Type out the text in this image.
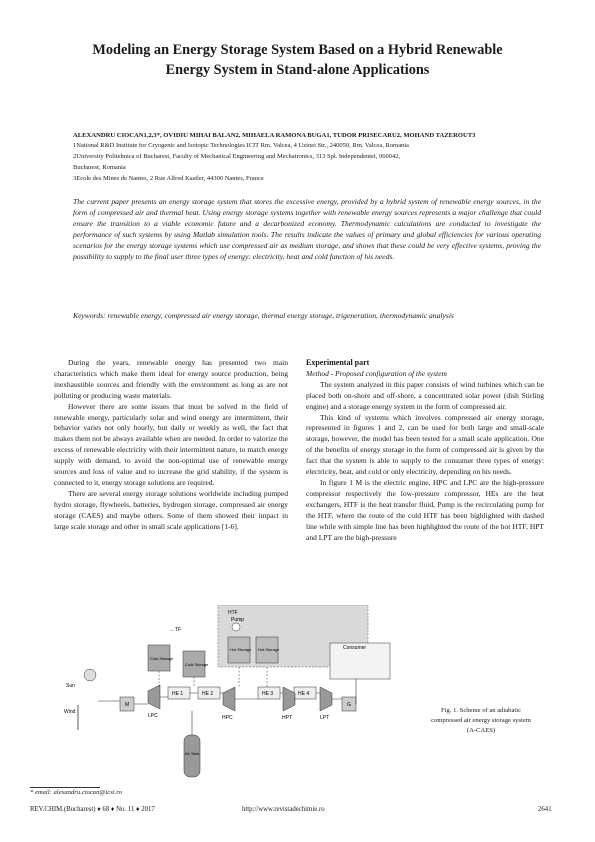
Modeling an Energy Storage System Based on a Hybrid Renewable
Energy System in Stand-alone Applications
ALEXANDRU CIOCAN1,2,3*, OVIDIU MIHAI BALAN2, MIHAELA RAMONA BUGA1, TUDOR PRISECARU2, MOHAND TAZEROUT3
1National R&D Institute for Cryogenic and Isotopic Technologies ICIT Rm. Valcea, 4 Uzinei Str., 240050, Rm. Valcea, Romania
2University Politehnica of Bucharest, Faculty of Mechanical Engineering and Mechatronics, 313 Spl. Independentei, 060042,
Bucharest, Romania
3Ecole des Mines de Nantes, 2 Rue Alfred Kastler, 44300 Nantes, France
The current paper presents an energy storage system that stores the excessive energy, provided by a hybrid system of renewable energy sources, in the form of compressed air and thermal heat. Using energy storage systems together with renewable energy sources represents a major challenge that could ensure the transition to a viable economic future and a decarbonized economy. Thermodynamic calculations are conducted to investigate the performance of such systems by using Matlab simulation tools. The results indicate the values of primary and global efficiencies for various operating scenarios for the energy storage systems which use compressed air as medium storage, and shows that these could be very effective systems, proving the possibility to supply to the final user three types of energy: electricity, heat and cold function of his needs.
Keywords: renewable energy, compressed air energy storage, thermal energy storage, trigeneration, thermodynamic analysis

During the years, renewable energy has presented two main characteristics which make them ideal for energy source production, being inexhaustible sources and friendly with the environment as long as are not polluting or producing waste materials.

However there are some issues that must be solved in the field of renewable energy, particularly solar and wind energy are intermittent, their behavior varies not only hourly, but daily or weekly as well, the fact that makes them not be always available when are needed. In order to valorize the excess of renewable electricity with their intermittent nature, to match energy supply with demand, to avoid the non-optimal use of renewable energy sources and loss of value and to increase the grid stability, if the system is connected to it, energy storage solutions are required.

There are several energy storage solutions worldwide including pumped hydro storage, flywheels, batteries, hydrogen storage, compressed air energy storage (CAES) and maybe others. Some of them showed their impact in large scale storage and other in small scale applications [1-6].

Experimental part

Method - Proposed configuration of the system

The system analyzed in this paper consists of wind turbines which can be placed both on-shore and off-shore, a concentrated solar power (dish Stirling engine) and a storage energy system in the form of compressed air.

This kind of systems which involves compressed air energy storage, represented in figures 1 and 2, can be used for both large and small-scale storage, however, the model has been tested for a small scale application. One of the benefits of energy storage in the form of compressed air is given by the fact that the system is able to supply to the consumer three types of energy: electricity, heat, and cold or only electricity, depending on his needs.

In figure 1 M is the electric engine, HPC and LPC are the high-pressure compressor respectively the low-pressure compressor, HEs are the heat exchangers, HTF is the heat transfer fluid, Pump is the recirculating pump for the HTF, where the route of the cold HTF has been highlighted with dashed line while with simple line has been highlighted the route of the hot HTF, HPT and LPT are the high-pressure

HTF
←TF
Pump
Hot Storage Hot Storage
Cold Storage
Cold Storage
HE 1	HE 2	HE 3	HE 4
LPC	HPC	HPT	LPT
M	G
Air Tank
Consumer
Sun
Wind	Fig. 1. Scheme of an adiabatic
compressed air energy storage system
(A-CAES)
* email: alexandru.ciocan@icsi.ro
REV.CHIM.(Bucharest) ♦ 68 ♦ No. 11 ♦ 2017	http://www.revistadechimie.ro	2641
